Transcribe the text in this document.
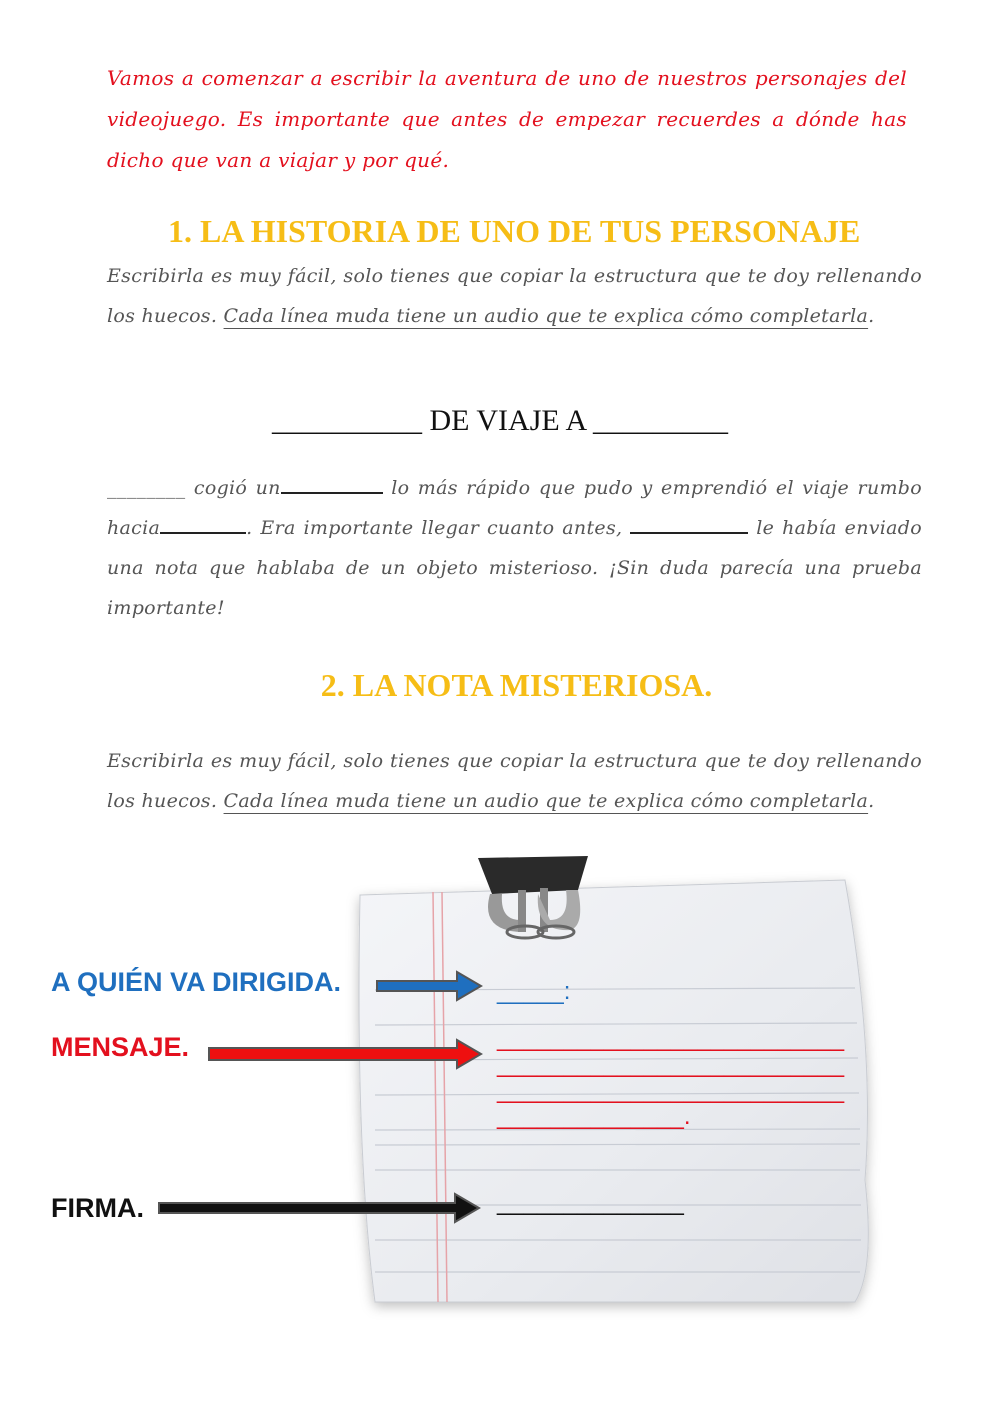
Vamos a comenzar a escribir la aventura de uno de nuestros personajes del videojuego. Es importante que antes de empezar recuerdes a dónde has dicho que van a viajar y por qué.
1. LA HISTORIA DE UNO DE TUS PERSONAJE
Escribirla es muy fácil, solo tienes que copiar la estructura que te doy rellenando los huecos. Cada línea muda tiene un audio que te explica cómo completarla.
__________ DE VIAJE A _________
________ cogió un	lo más rápido que pudo y emprendió el viaje rumbo hacia	. Era importante llegar cuanto antes,	le había enviado una nota que hablaba de un objeto misterioso. ¡Sin duda parecía una prueba importante!
2. LA NOTA MISTERIOSA.
Escribirla es muy fácil, solo tienes que copiar la estructura que te doy rellenando los huecos. Cada línea muda tiene un audio que te explica cómo completarla.
A QUIÉN VA DIRIGIDA.	_____:
MENSAJE.	__________________________
__________________________
__________________________
______________.
FIRMA.	______________
